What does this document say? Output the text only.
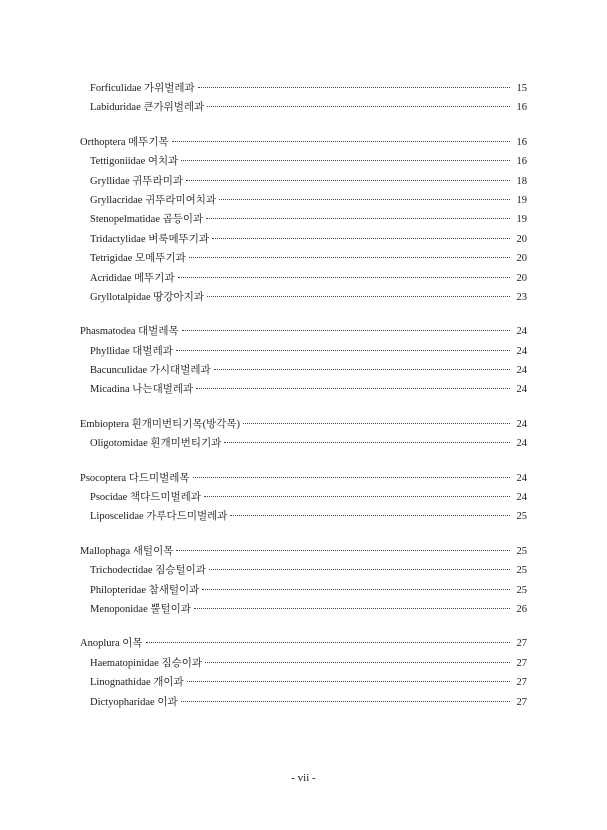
Forficulidae 가위벌레과	15
Labiduridae 큰가위벌레과	16
Orthoptera 메뚜기목	16
Tettigoniidae 여치과	16
Gryllidae 귀뚜라미과	18
Gryllacridae 귀뚜라미여치과	19
Stenopelmatidae 곱등이과	19
Tridactylidae 벼룩메뚜기과	20
Tetrigidae 모메뚜기과	20
Acrididae 메뚜기과	20
Gryllotalpidae 땅강아지과	23
Phasmatodea 대벌레목	24
Phyllidae 대벌레과	24
Bacunculidae 가시대벌레과	24
Micadina 나는대벌레과	24
Embioptera 흰개미번티기목(방각목)	24
Oligotomidae 흰개미번티기과	24
Psocoptera 다드미벌레목	24
Psocidae 책다드미벌레과	24
Liposcelidae 가루다드미벌레과	25
Mallophaga 새털이목	25
Trichodectidae 짐승털이과	25
Philopteridae 참새털이과	25
Menoponidae 뿔털이과	26
Anoplura 이목	27
Haematopinidae 짐승이과	27
Linognathidae 개이과	27
Dictyopharidae 이과	27
- vii -
